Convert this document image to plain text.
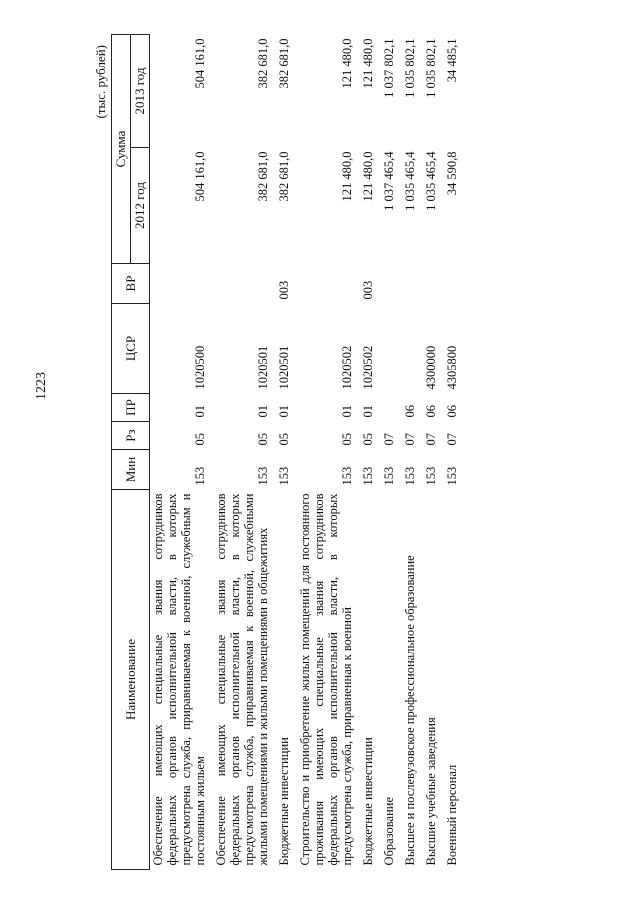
1223
(тыс. рублей)
Наименование	Мин	Рз	ПР	ЦСР	ВР	Сумма	
						2012 год	2013 год
Обеспечение имеющих специальные звания сотрудников федеральных органов исполнительной власти, в которых предусмотрена служба, приравниваемая к военной, служебным и постоянным жильем	153	05	01	1020500		504 161,0	504 161,0
Обеспечение имеющих специальные звания сотрудников федеральных органов исполнительной власти, в которых предусмотрена служба, приравниваемая к военной, служебными жилыми помещениями и жилыми помещениями в общежитиях	153	05	01	1020501		382 681,0	382 681,0
Бюджетные инвестиции	153	05	01	1020501	003	382 681,0	382 681,0
Строительство и приобретение жилых помещений для постоянного проживания имеющих специальные звания сотрудников федеральных органов исполнительной власти, в которых предусмотрена служба, приравненная к военной	153	05	01	1020502		121 480,0	121 480,0
Бюджетные инвестиции	153	05	01	1020502	003	121 480,0	121 480,0
Образование	153	07				1 037 465,4	1 037 802,1
Высшее и послевузовское профессиональное образование	153	07	06			1 035 465,4	1 035 802,1
Высшие учебные заведения	153	07	06	4300000		1 035 465,4	1 035 802,1
Военный персонал	153	07	06	4305800		34 590,8	34 485,1
